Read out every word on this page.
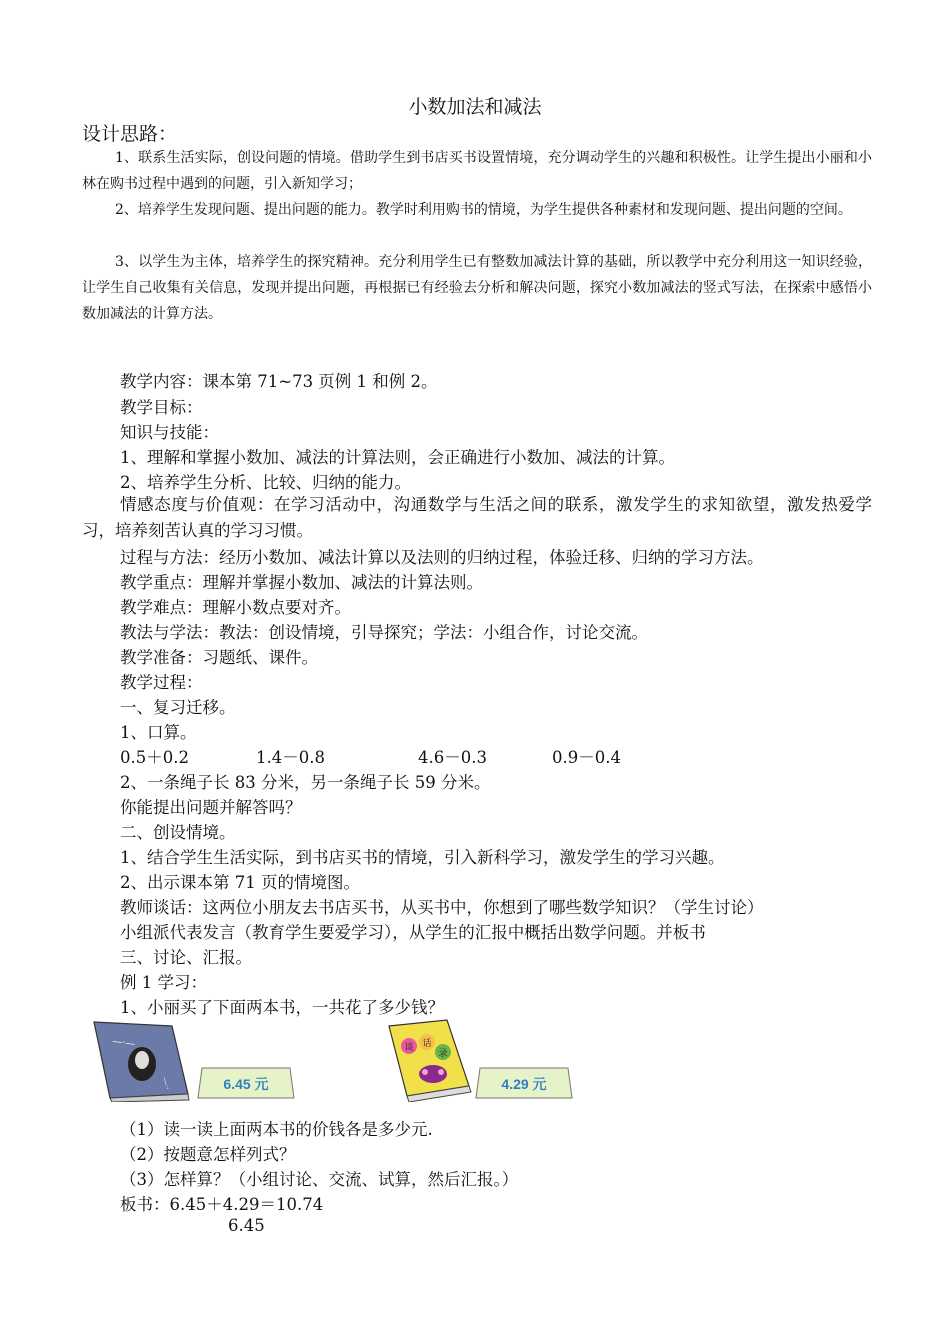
小数加法和减法
设计思路：

1、联系生活实际，创设问题的情境。借助学生到书店买书设置情境，充分调动学生的兴趣和积极性。让学生提出小丽和小林在购书过程中遇到的问题，引入新知学习；

2、培养学生发现问题、提出问题的能力。教学时利用购书的情境，为学生提供各种素材和发现问题、提出问题的空间。

3、以学生为主体，培养学生的探究精神。充分利用学生已有整数加减法计算的基础，所以教学中充分利用这一知识经验，让学生自己收集有关信息，发现并提出问题，再根据已有经验去分析和解决问题，探究小数加减法的竖式写法，在探索中感悟小数加减法的计算方法。

教学内容：课本第 71~73 页例 1 和例 2。
教学目标：
知识与技能：
1、理解和掌握小数加、减法的计算法则，会正确进行小数加、减法的计算。
2、培养学生分析、比较、归纳的能力。

情感态度与价值观：在学习活动中，沟通数学与生活之间的联系，激发学生的求知欲望，激发热爱学习，培养刻苦认真的学习习惯。

过程与方法：经历小数加、减法计算以及法则的归纳过程，体验迁移、归纳的学习方法。
教学重点：理解并掌握小数加、减法的计算法则。
教学难点：理解小数点要对齐。
教法与学法：教法：创设情境，引导探究；学法：小组合作，讨论交流。
教学准备：习题纸、课件。
教学过程：
一、复习迁移。
1、口算。
0.5＋0.2	1.4－0.8	4.6－0.3	0.9－0.4
2、一条绳子长 83 分米，另一条绳子长 59 分米。
你能提出问题并解答吗？
二、创设情境。
1、结合学生生活实际，到书店买书的情境，引入新科学习，激发学生的学习兴趣。
2、出示课本第 71 页的情境图。
教师谈话：这两位小朋友去书店买书，从买书中，你想到了哪些数学知识？（学生讨论）
小组派代表发言（教育学生要爱学习），从学生的汇报中概括出数学问题。并板书
三、讨论、汇报。
例 1 学习：
1、小丽买了下面两本书，一共花了多少钱？
—·—
—··	6.45 元
谈 话
录
4.29 元
（1）读一读上面两本书的价钱各是多少元.
（2）按题意怎样列式？
（3）怎样算？（小组讨论、交流、试算，然后汇报。）
板书：6.45＋4.29＝10.74
6.45
